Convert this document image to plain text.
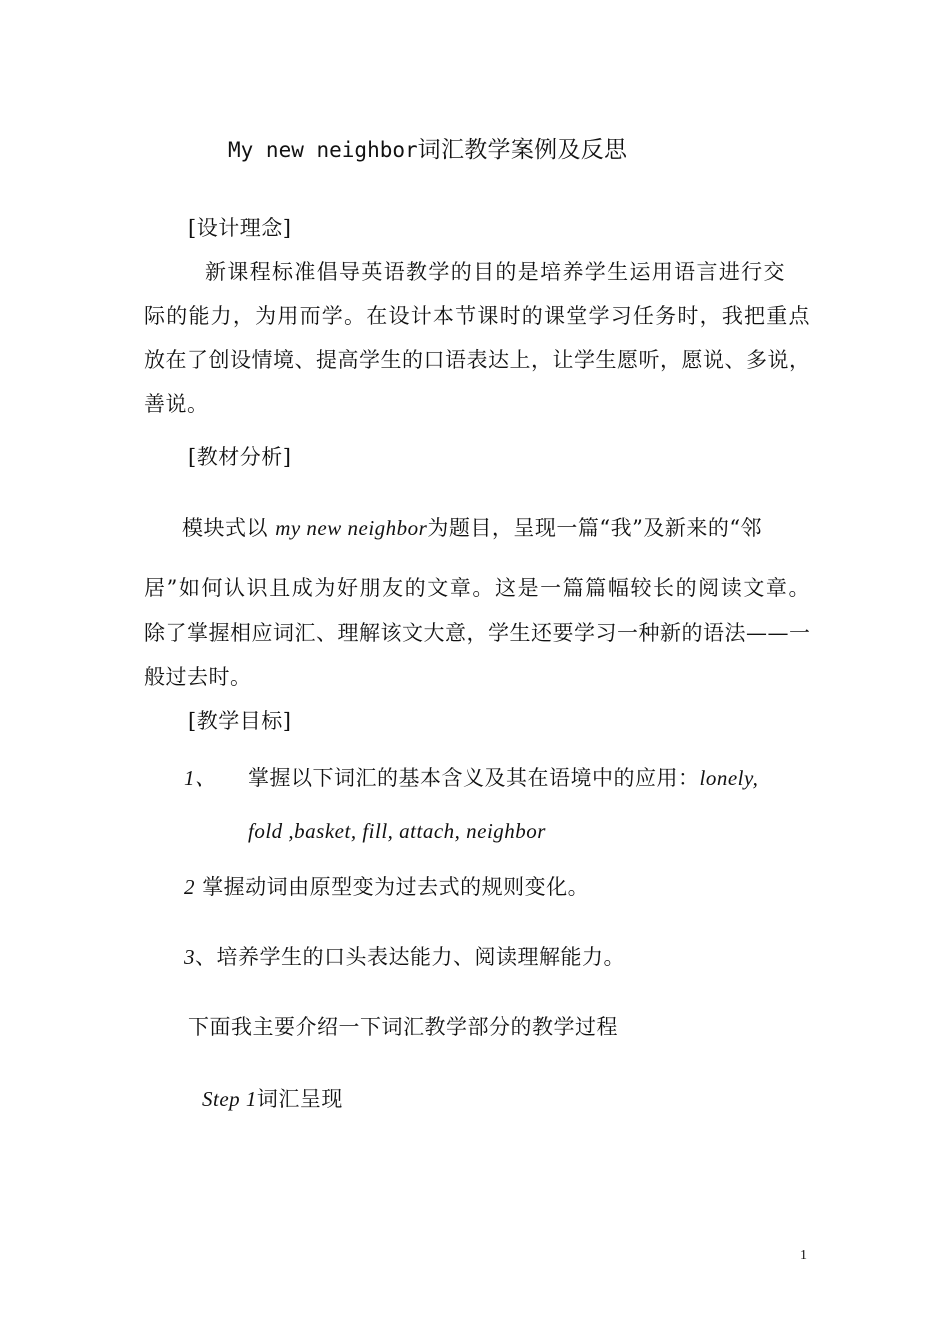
My new neighbor词汇教学案例及反思
[设计理念]
新课程标准倡导英语教学的目的是培养学生运用语言进行交
际的能力，为用而学。在设计本节课时的课堂学习任务时，我把重点
放在了创设情境、提高学生的口语表达上，让学生愿听，愿说、多说，
善说。
[教材分析]
模块式以 my new neighbor为题目，呈现一篇“我”及新来的“邻
居”如何认识且成为好朋友的文章。这是一篇篇幅较长的阅读文章。
除了掌握相应词汇、理解该文大意，学生还要学习一种新的语法——一
般过去时。
[教学目标]
1、 掌握以下词汇的基本含义及其在语境中的应用：lonely,
fold ,basket, fill, attach, neighbor
2 掌握动词由原型变为过去式的规则变化。
3、培养学生的口头表达能力、阅读理解能力。
下面我主要介绍一下词汇教学部分的教学过程
Step 1词汇呈现
1
